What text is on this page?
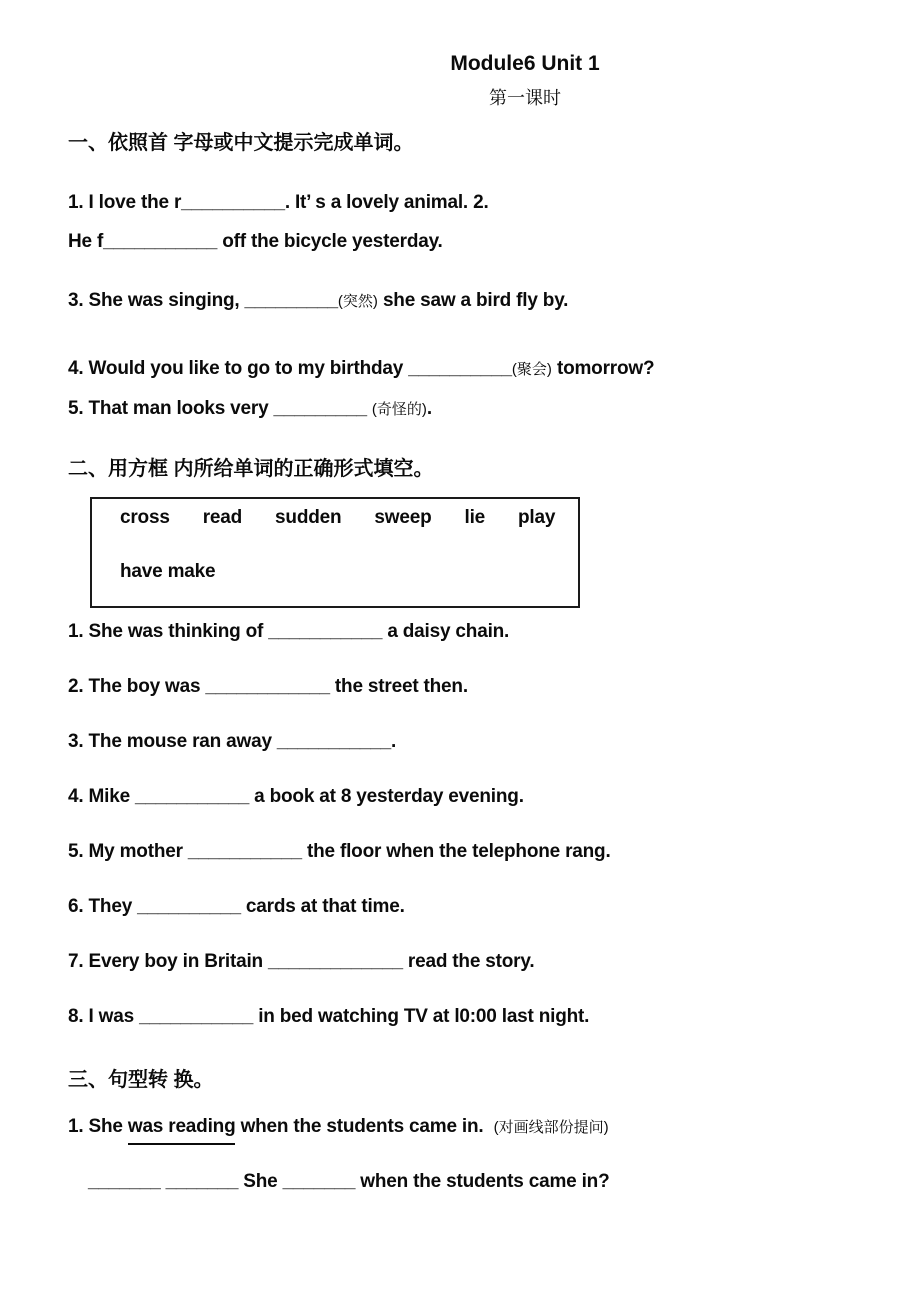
Module6 Unit 1
第一课时
一、依照首 字母或中文提示完成单词。
1. I love the r__________. It’ s a lovely animal. 2.
He f___________ off the bicycle yesterday.
3. She was singing, _________(突然) she saw a bird fly by.
4. Would you like to go to my birthday __________(聚会) tomorrow?
5. That man looks very _________ (奇怪的).
二、用方框 内所给单词的正确形式填空。
cross read sudden sweep lie play
have make
1. She was thinking of ___________ a daisy chain.
2. The boy was ____________ the street then.
3. The mouse ran away ___________.
4. Mike ___________ a book at 8 yesterday evening.
5. My mother ___________ the floor when the telephone rang.
6. They __________ cards at that time.
7. Every boy in Britain _____________ read the story.
8. I was ___________ in bed watching TV at l0:00 last night.
三、句型转 换。
1. She was reading when the students came in.  (对画线部份提问)
_______ _______ She _______ when the students came in?
